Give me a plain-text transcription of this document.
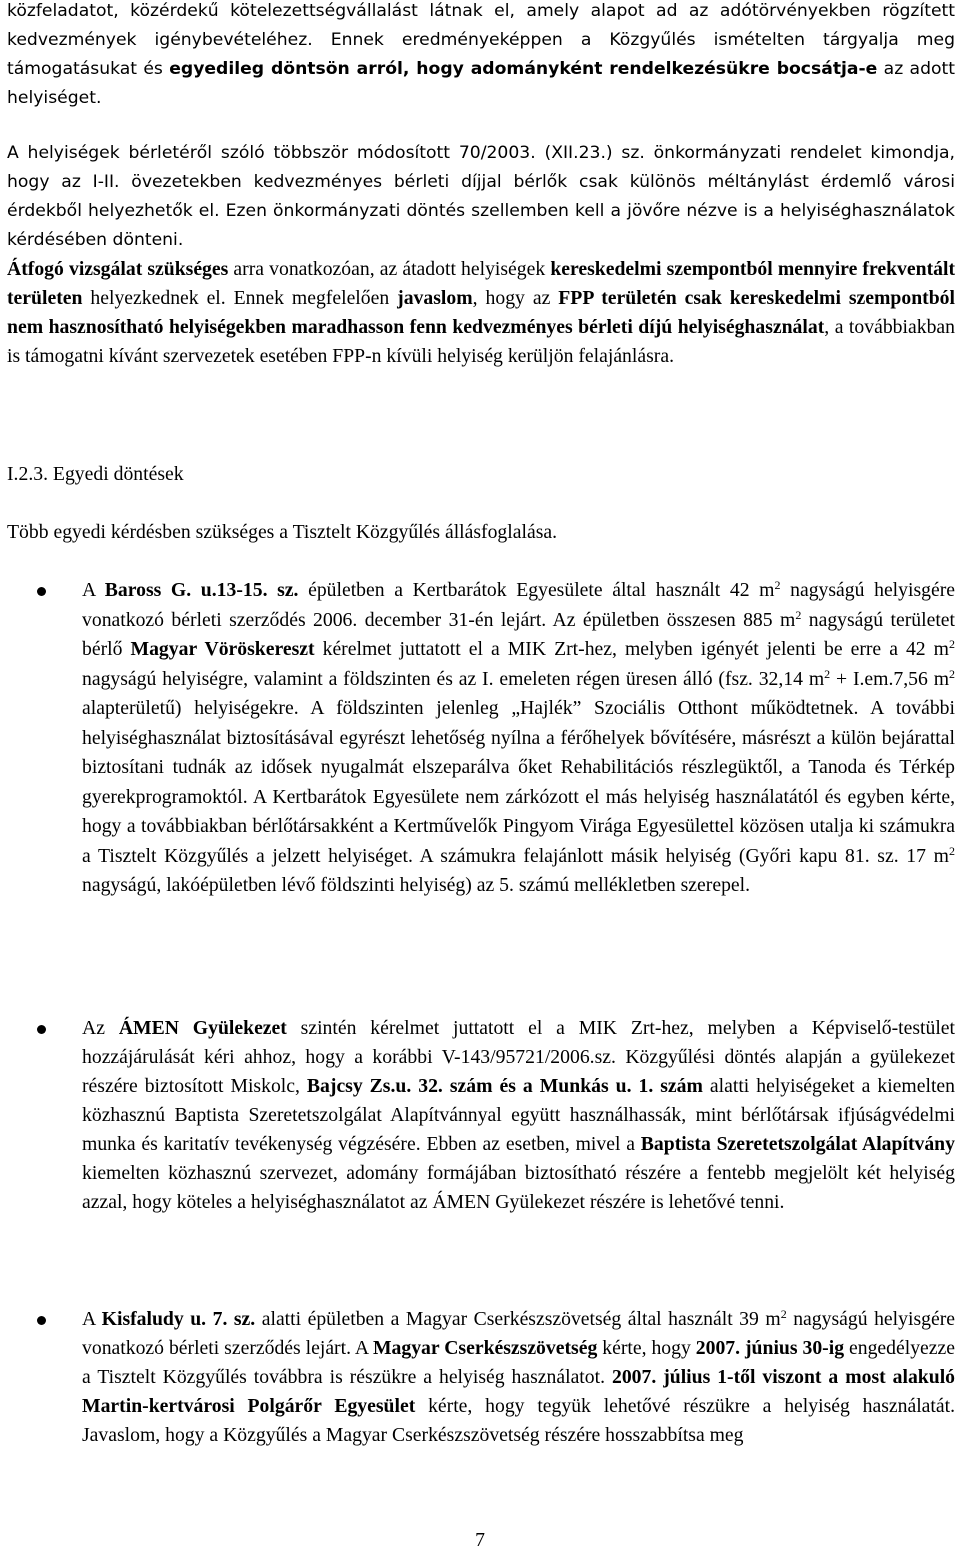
közfeladatot, közérdekű kötelezettségvállalást látnak el, amely alapot ad az adótörvényekben rögzített kedvezmények igénybevételéhez. Ennek eredményeképpen a Közgyűlés ismételten tárgyalja meg támogatásukat és egyedileg döntsön arról, hogy adományként rendelkezésükre bocsátja-e az adott helyiséget.

A helyiségek bérletéről szóló többször módosított 70/2003. (XII.23.) sz. önkormányzati rendelet kimondja, hogy az I-II. övezetekben kedvezményes bérleti díjjal bérlők csak különös méltánylást érdemlő városi érdekből helyezhetők el. Ezen önkormányzati döntés szellemben kell a jövőre nézve is a helyiséghasználatok kérdésében dönteni.

Átfogó vizsgálat szükséges arra vonatkozóan, az átadott helyiségek kereskedelmi szempontból mennyire frekventált területen helyezkednek el. Ennek megfelelően javaslom, hogy az FPP területén csak kereskedelmi szempontból nem hasznosítható helyiségekben maradhasson fenn kedvezményes bérleti díjú helyiséghasználat, a továbbiakban is támogatni kívánt szervezetek esetében FPP-n kívüli helyiség kerüljön felajánlásra.

I.2.3. Egyedi döntések

Több egyedi kérdésben szükséges a Tisztelt Közgyűlés állásfoglalása.

A Baross G. u.13-15. sz. épületben a Kertbarátok Egyesülete által használt 42 $m^2$ nagyságú helyisgére vonatkozó bérleti szerződés 2006. december 31-én lejárt. Az épületben összesen 885 $m^2$ nagyságú területet bérlő Magyar Vöröskereszt kérelmet juttatott el a MIK Zrt-hez, melyben igényét jelenti be erre a 42 $m^2$ nagyságú helyiségre, valamint a földszinten és az I. emeleten régen üresen álló (fsz. 32,14 $m^2 + I.em.7,56$ $m^2$ alapterületű) helyiségekre. A földszinten jelenleg „Hajlék” Szociális Otthont működtetnek. A további helyiséghasználat biztosításával egyrészt lehetőség nyílna a férőhelyek bővítésére, másrészt a külön bejárattal biztosítani tudnák az idősek nyugalmát elszeparálva őket Rehabilitációs részlegüktől, a Tanoda és Térkép gyerekprogramoktól. A Kertbarátok Egyesülete nem zárkózott el más helyiség használatától és egyben kérte, hogy a továbbiakban bérlőtársakként a Kertművelők Pingyom Virága Egyesülettel közösen utalja ki számukra a Tisztelt Közgyűlés a jelzett helyiséget. A számukra felajánlott másik helyiség (Győri kapu 81. sz. 17 $m^2$ nagyságú, lakóépületben lévő földszinti helyiség) az 5. számú mellékletben szerepel.

Az ÁMEN Gyülekezet szintén kérelmet juttatott el a MIK Zrt-hez, melyben a Képviselő-testület hozzájárulását kéri ahhoz, hogy a korábbi V-143/95721/2006.sz. Közgyűlési döntés alapján a gyülekezet részére biztosított Miskolc, Bajcsy Zs.u. 32. szám és a Munkás u. 1. szám alatti helyiségeket a kiemelten közhasznú Baptista Szeretetszolgálat Alapítvánnyal együtt használhassák, mint bérlőtársak ifjúságvédelmi munka és karitatív tevékenység végzésére. Ebben az esetben, mivel a Baptista Szeretetszolgálat Alapítvány kiemelten közhasznú szervezet, adomány formájában biztosítható részére a fentebb megjelölt két helyiség azzal, hogy köteles a helyiséghasználatot az ÁMEN Gyülekezet részére is lehetővé tenni.

A Kisfaludy u. 7. sz. alatti épületben a Magyar Cserkészszövetség által használt 39 $m^2$ nagyságú helyisgére vonatkozó bérleti szerződés lejárt. A Magyar Cserkészszövetség kérte, hogy 2007. június 30-ig engedélyezze a Tisztelt Közgyűlés továbbra is részükre a helyiség használatot. 2007. július 1-től viszont a most alakuló Martin-kertvárosi Polgárőr Egyesület kérte, hogy tegyük lehetővé részükre a helyiség használatát. Javaslom, hogy a Közgyűlés a Magyar Cserkészszövetség részére hosszabbítsa meg

7
